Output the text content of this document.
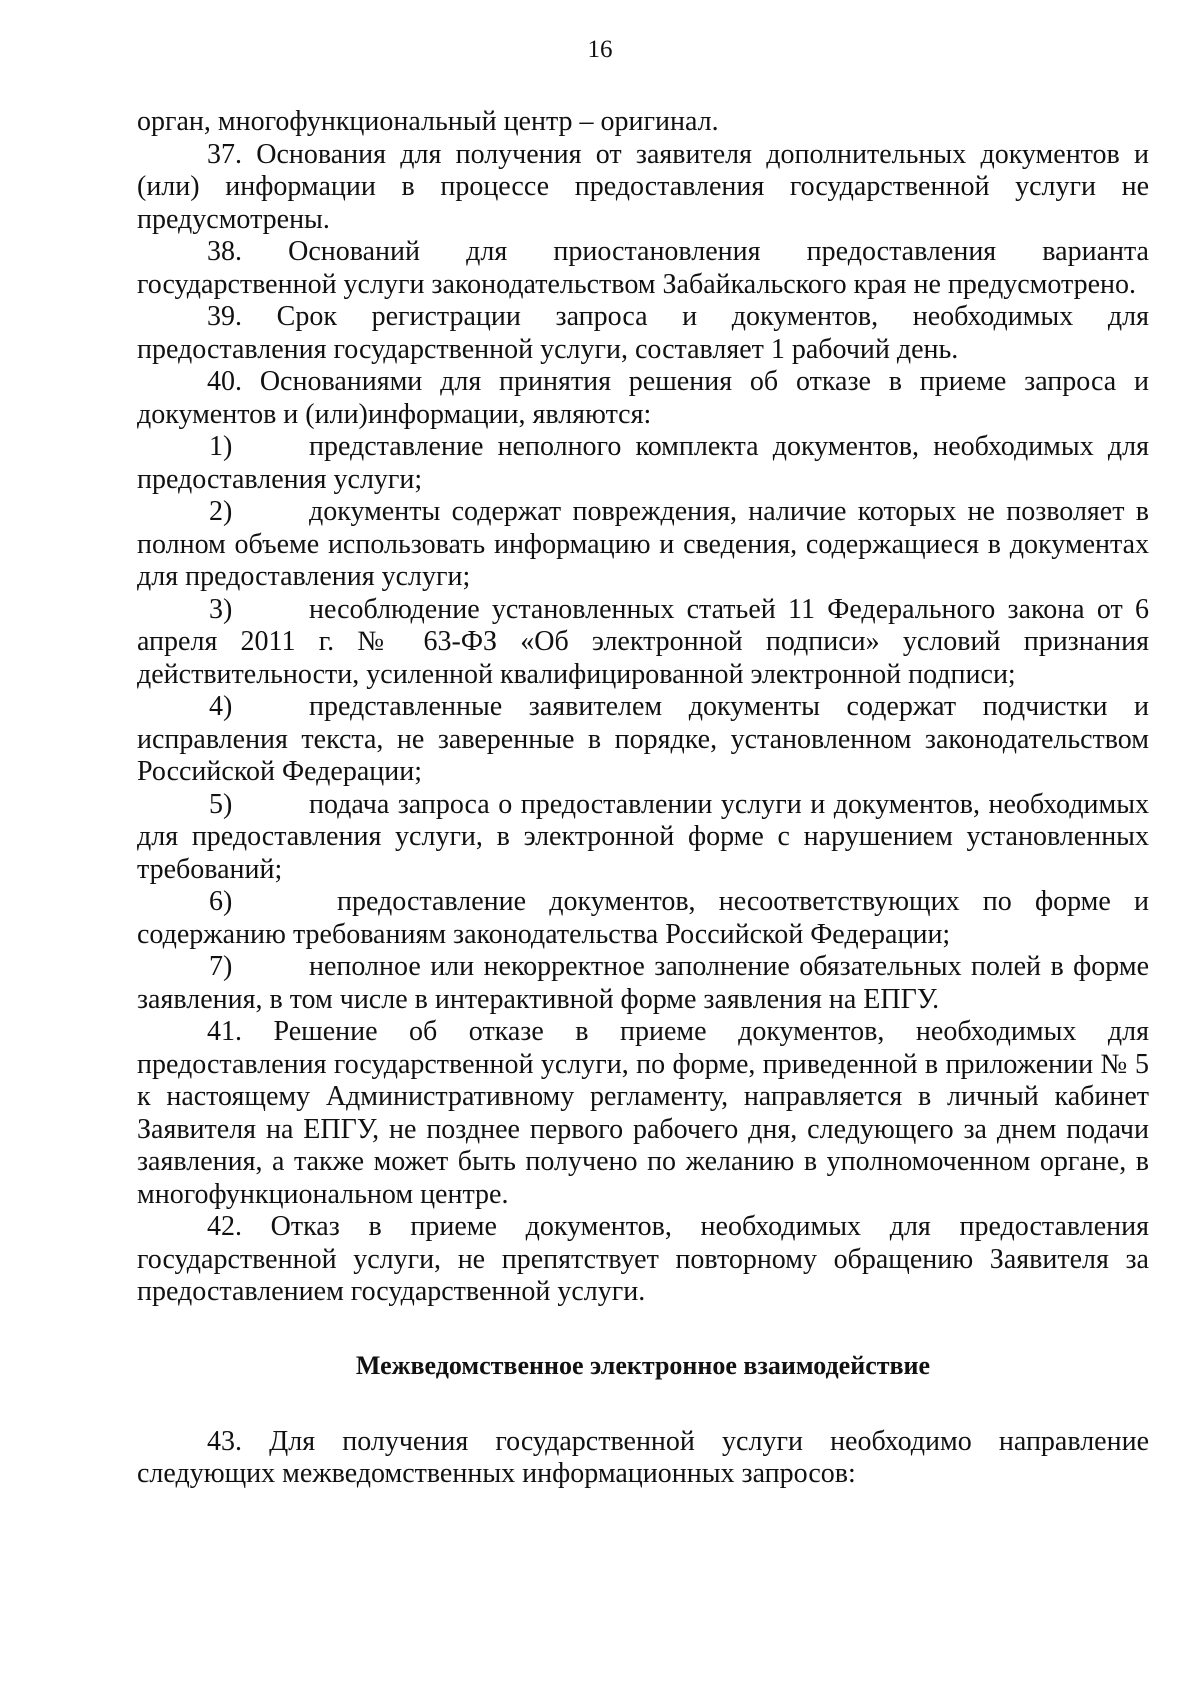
16

орган, многофункциональный центр – оригинал.

37. Основания для получения от заявителя дополнительных документов и (или) информации в процессе предоставления государственной услуги не предусмотрены.

38. Оснований для приостановления предоставления варианта государственной услуги законодательством Забайкальского края не предусмотрено.

39. Срок регистрации запроса и документов, необходимых для предоставления государственной услуги, составляет 1 рабочий день.

40. Основаниями для принятия решения об отказе в приеме запроса и документов и (или)информации, являются:

1)	представление неполного комплекта документов, необходимых для предоставления услуги;

2)	документы содержат повреждения, наличие которых не позволяет в полном объеме использовать информацию и сведения, содержащиеся в документах для предоставления услуги;

3)	несоблюдение установленных статьей 11 Федерального закона от 6 апреля 2011 г. № 63-ФЗ «Об электронной подписи» условий признания действительности, усиленной квалифицированной электронной подписи;

4)	представленные заявителем документы содержат подчистки и исправления текста, не заверенные в порядке, установленном законодательством Российской Федерации;

5)	подача запроса о предоставлении услуги и документов, необходимых для предоставления услуги, в электронной форме с нарушением установленных требований;

6)	предоставление документов, несоответствующих по форме и содержанию требованиям законодательства Российской Федерации;

7)	неполное или некорректное заполнение обязательных полей в форме заявления, в том числе в интерактивной форме заявления на ЕПГУ.

41. Решение об отказе в приеме документов, необходимых для предоставления государственной услуги, по форме, приведенной в приложении № 5 к настоящему Административному регламенту, направляется в личный кабинет Заявителя на ЕПГУ, не позднее первого рабочего дня, следующего за днем подачи заявления, а также может быть получено по желанию в уполномоченном органе, в многофункциональном центре.

42. Отказ в приеме документов, необходимых для предоставления государственной услуги, не препятствует повторному обращению Заявителя за предоставлением государственной услуги.

Межведомственное электронное взаимодействие

43. Для получения государственной услуги необходимо направление следующих межведомственных информационных запросов:
